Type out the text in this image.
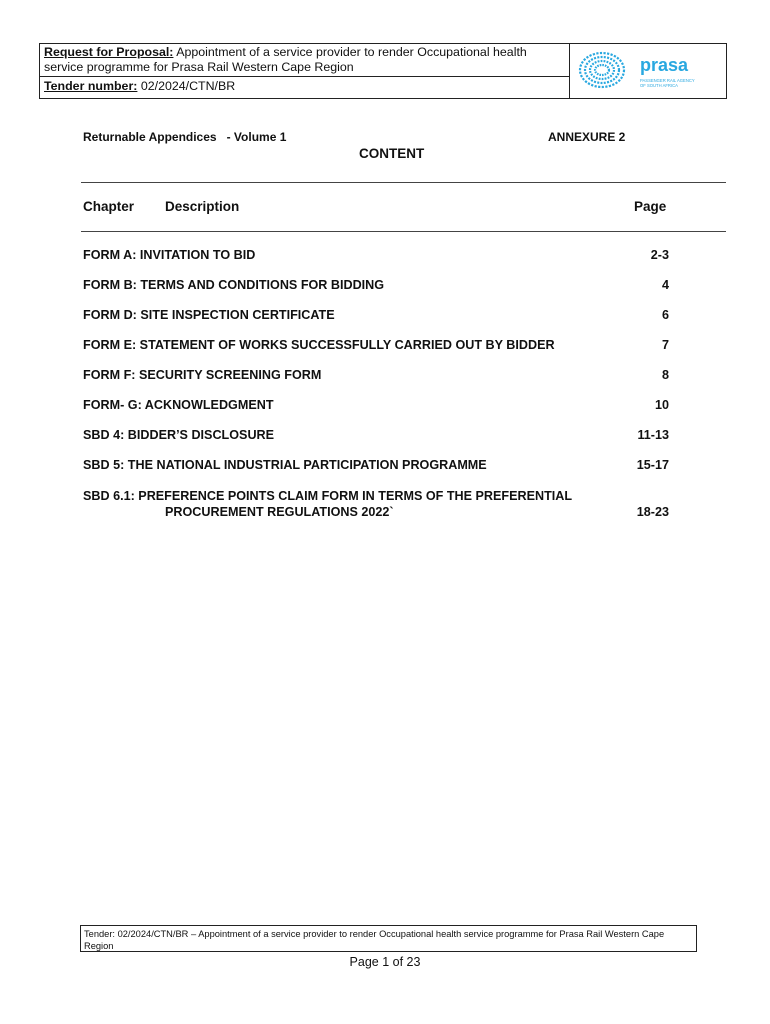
Request for Proposal: Appointment of a service provider to render Occupational health service programme for Prasa Rail Western Cape Region
Tender number: 02/2024/CTN/BR
prasa
PASSENGER RAIL AGENCY
OF SOUTH AFRICA
Returnable Appendices   - Volume 1	ANNEXURE 2
CONTENT
Chapter Description	Page
FORM A: INVITATION TO BID	2-3
FORM B: TERMS AND CONDITIONS FOR BIDDING	4
FORM D: SITE INSPECTION CERTIFICATE	6
FORM E: STATEMENT OF WORKS SUCCESSFULLY CARRIED OUT BY BIDDER	7
FORM F: SECURITY SCREENING FORM	8
FORM- G: ACKNOWLEDGMENT	10
SBD 4: BIDDER’S DISCLOSURE	11-13
SBD 5: THE NATIONAL INDUSTRIAL PARTICIPATION PROGRAMME	15-17
SBD 6.1: PREFERENCE POINTS CLAIM FORM IN TERMS OF THE PREFERENTIAL
PROCUREMENT REGULATIONS 2022`	18-23
Tender: 02/2024/CTN/BR – Appointment of a service provider to render Occupational health service programme for Prasa Rail Western Cape Region
Page 1 of 23
